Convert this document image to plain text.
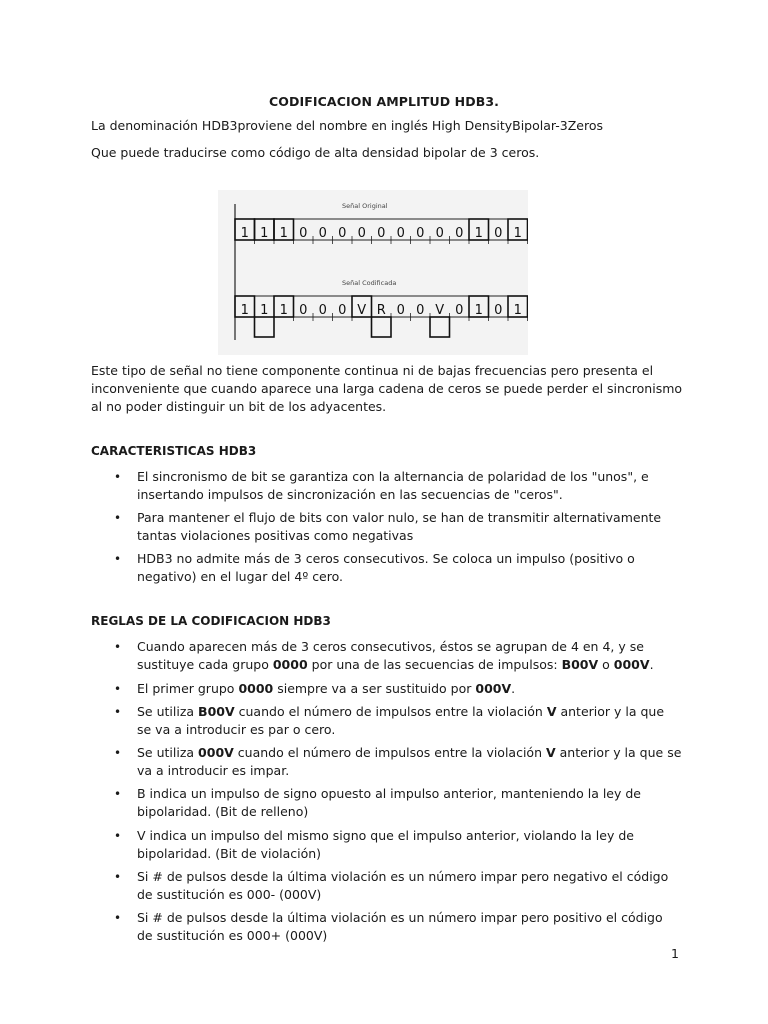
CODIFICACION AMPLITUD HDB3.
La denominación HDB3proviene del nombre en inglés High DensityBipolar-3Zeros
Que puede traducirse como código de alta densidad bipolar de 3 ceros.
Señal Original
Señal Codificada
1 1 1 0 0 0 0 0 0 0 0 0 1 0 1
1 1 1 0 0 0 V R 0 0 V 0 1 0 1
Este tipo de señal no tiene componente continua ni de bajas frecuencias pero presenta el inconveniente que cuando aparece una larga cadena de ceros se puede perder el sincronismo al no poder distinguir un bit de los adyacentes.
CARACTERISTICAS HDB3
• El sincronismo de bit se garantiza con la alternancia de polaridad de los "unos", e insertando impulsos de sincronización en las secuencias de "ceros".
• Para mantener el flujo de bits con valor nulo, se han de transmitir alternativamente tantas violaciones positivas como negativas
• HDB3 no admite más de 3 ceros consecutivos. Se coloca un impulso (positivo o negativo) en el lugar del 4º cero.
REGLAS DE LA CODIFICACION HDB3
• Cuando aparecen más de 3 ceros consecutivos, éstos se agrupan de 4 en 4, y se sustituye cada grupo 0000 por una de las secuencias de impulsos: B00V o 000V.
• El primer grupo 0000 siempre va a ser sustituido por 000V.
• Se utiliza B00V cuando el número de impulsos entre la violación V anterior y la que se va a introducir es par o cero.
• Se utiliza 000V cuando el número de impulsos entre la violación V anterior y la que se va a introducir es impar.
• B indica un impulso de signo opuesto al impulso anterior, manteniendo la ley de bipolaridad. (Bit de relleno)
• V indica un impulso del mismo signo que el impulso anterior, violando la ley de bipolaridad. (Bit de violación)
• Si # de pulsos desde la última violación es un número impar pero negativo el código de sustitución es 000- (000V)
• Si # de pulsos desde la última violación es un número impar pero positivo el código de sustitución es 000+ (000V)
1
